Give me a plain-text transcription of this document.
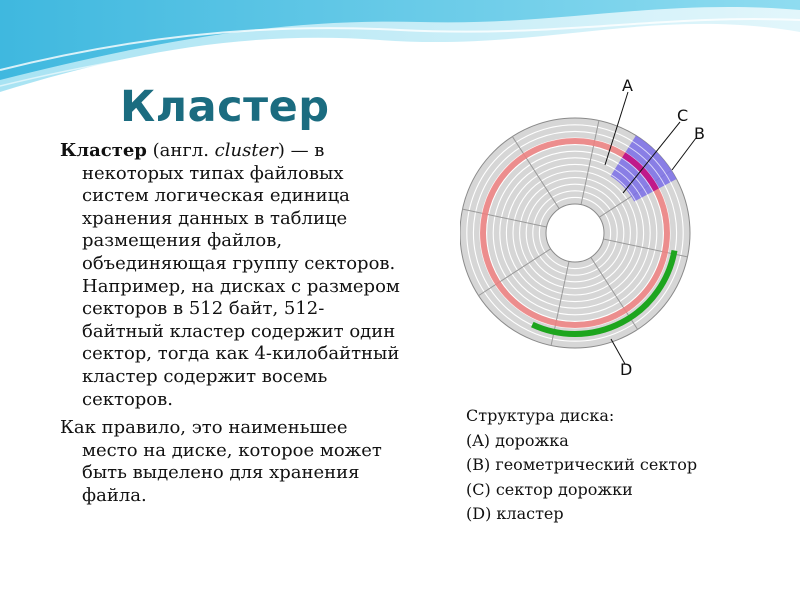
Кластер

Кластер (англ. cluster) — в некоторых типах файловых систем логическая единица хранения данных в таблице размещения файлов, объединяющая группу секторов. Например, на дисках с размером секторов в 512 байт, 512-байтный кластер содержит один сектор, тогда как 4-килобайтный кластер содержит восемь секторов.

Как правило, это наименьшее место на диске, которое может быть выделено для хранения файла.

A
B
C
D
Структура диска:
(A) дорожка
(B) геометрический сектор
(C) сектор дорожки
(D) кластер
